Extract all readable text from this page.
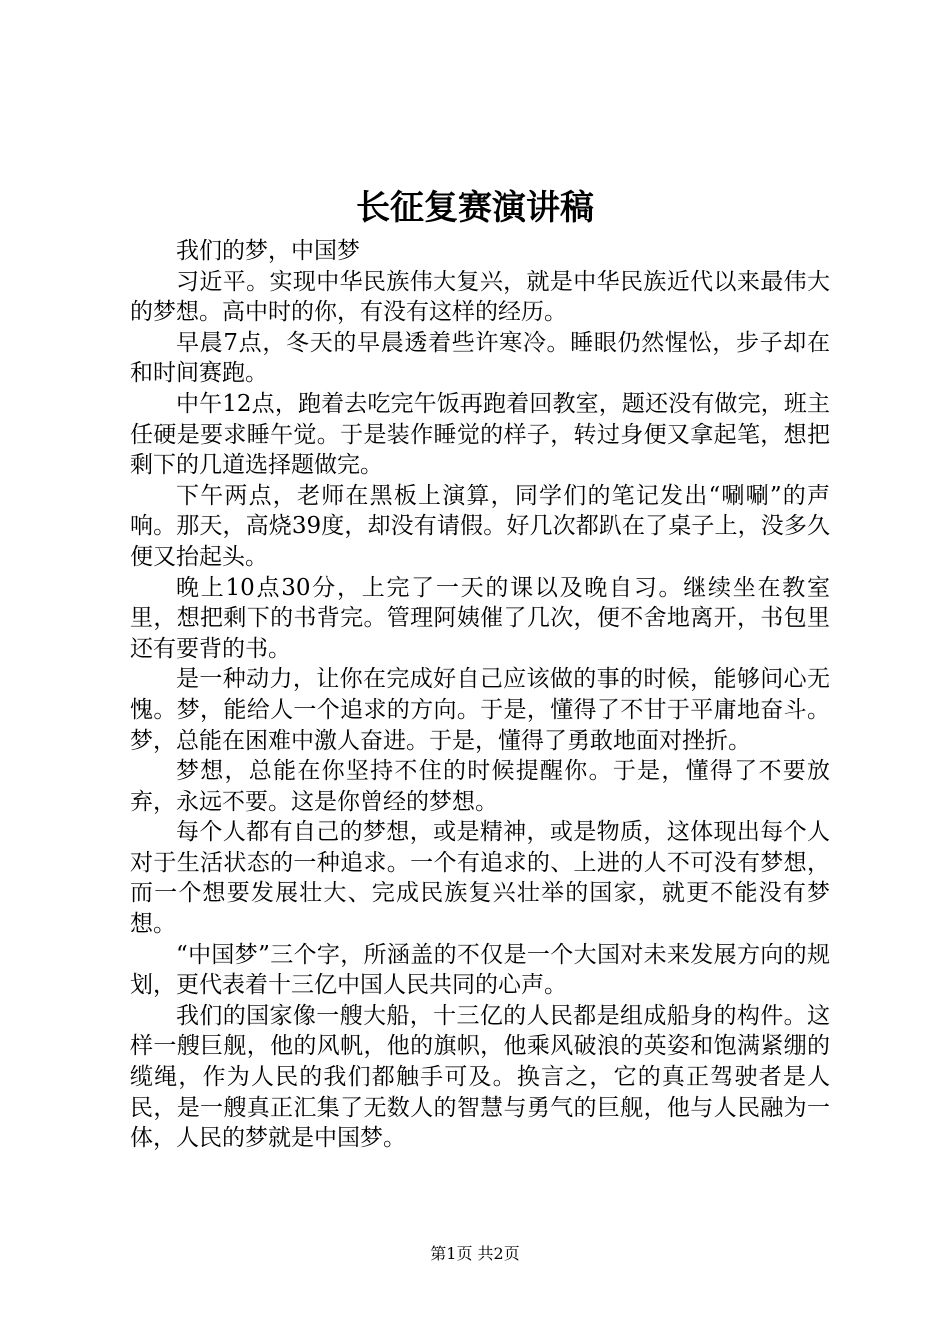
长征复赛演讲稿

我们的梦，中国梦

习近平。实现中华民族伟大复兴，就是中华民族近代以来最伟大的梦想。高中时的你，有没有这样的经历。

早晨7点，冬天的早晨透着些许寒冷。睡眼仍然惺忪，步子却在和时间赛跑。

中午12点，跑着去吃完午饭再跑着回教室，题还没有做完，班主任硬是要求睡午觉。于是装作睡觉的样子，转过身便又拿起笔，想把剩下的几道选择题做完。

下午两点，老师在黑板上演算，同学们的笔记发出“唰唰”的声响。那天，高烧39度，却没有请假。好几次都趴在了桌子上，没多久便又抬起头。

晚上10点30分，上完了一天的课以及晚自习。继续坐在教室里，想把剩下的书背完。管理阿姨催了几次，便不舍地离开，书包里还有要背的书。

是一种动力，让你在完成好自己应该做的事的时候，能够问心无愧。梦，能给人一个追求的方向。于是，懂得了不甘于平庸地奋斗。梦，总能在困难中激人奋进。于是，懂得了勇敢地面对挫折。

梦想，总能在你坚持不住的时候提醒你。于是，懂得了不要放弃，永远不要。这是你曾经的梦想。

每个人都有自己的梦想，或是精神，或是物质，这体现出每个人对于生活状态的一种追求。一个有追求的、上进的人不可没有梦想，而一个想要发展壮大、完成民族复兴壮举的国家，就更不能没有梦想。

“中国梦”三个字，所涵盖的不仅是一个大国对未来发展方向的规划，更代表着十三亿中国人民共同的心声。

我们的国家像一艘大船，十三亿的人民都是组成船身的构件。这样一艘巨舰，他的风帆，他的旗帜，他乘风破浪的英姿和饱满紧绷的缆绳，作为人民的我们都触手可及。换言之，它的真正驾驶者是人民，是一艘真正汇集了无数人的智慧与勇气的巨舰，他与人民融为一体，人民的梦就是中国梦。

第1页 共2页
